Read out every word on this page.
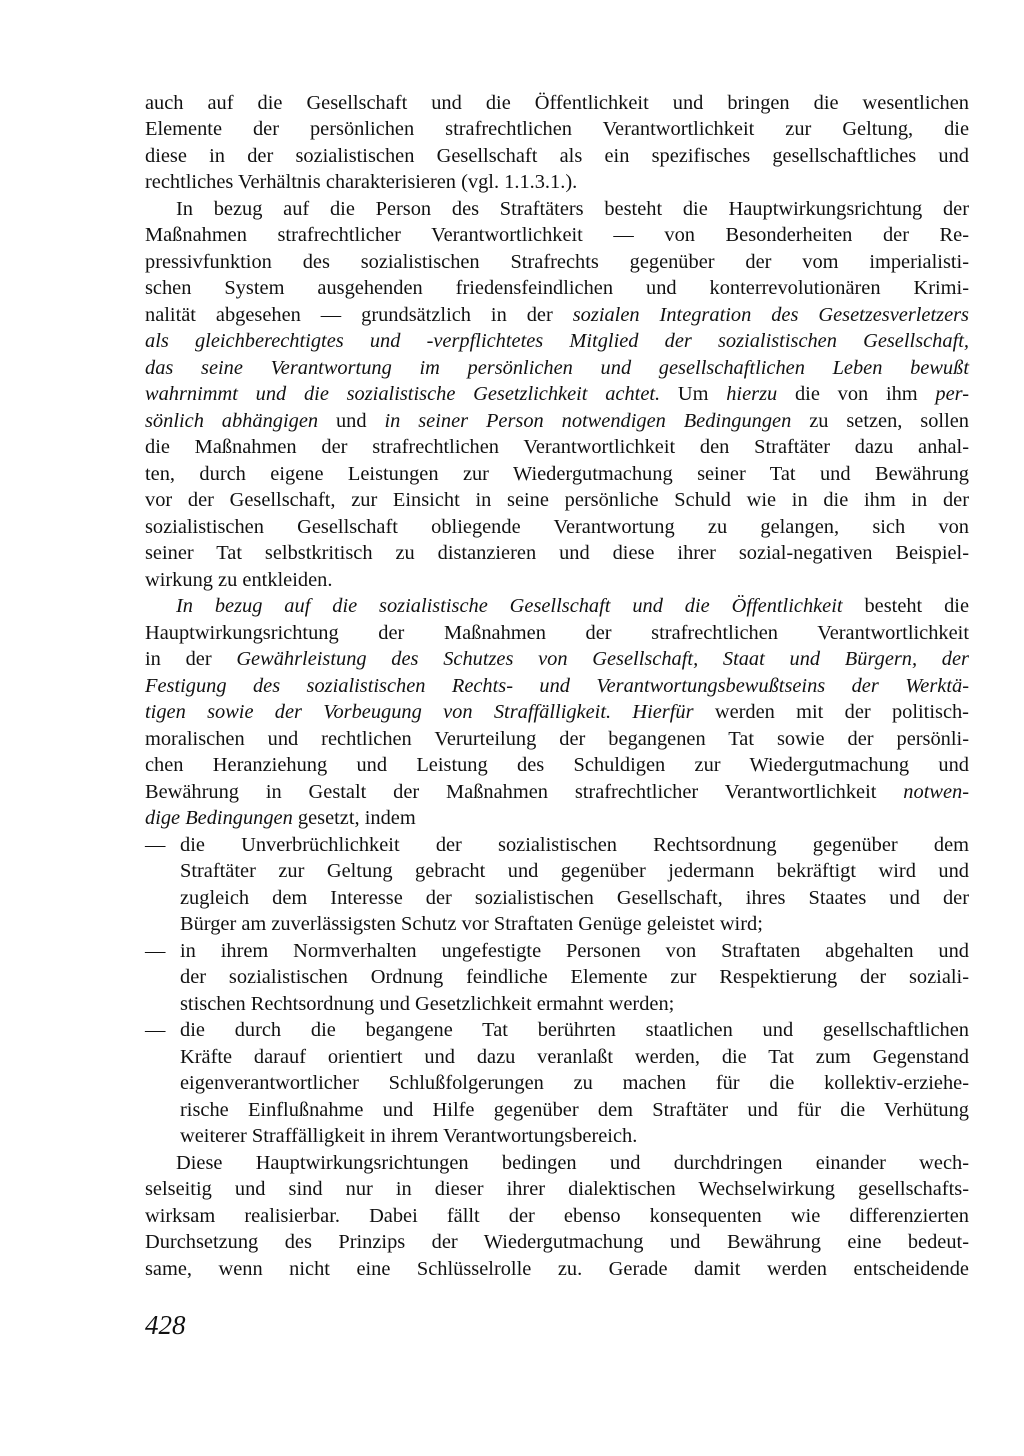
auch auf die Gesellschaft und die Öffentlichkeit und bringen die wesentlichen
Elemente der persönlichen strafrechtlichen Verantwortlichkeit zur Geltung, die
diese in der sozialistischen Gesellschaft als ein spezifisches gesellschaftliches und
rechtliches Verhältnis charakterisieren (vgl. 1.1.3.1.).
In bezug auf die Person des Straftäters besteht die Hauptwirkungsrichtung der
Maßnahmen strafrechtlicher Verantwortlichkeit — von Besonderheiten der Re-
pressivfunktion des sozialistischen Strafrechts gegenüber der vom imperialisti-
schen System ausgehenden friedensfeindlichen und konterrevolutionären Krimi-
nalität abgesehen — grundsätzlich in der sozialen Integration des Gesetzesverletzers
als gleichberechtigtes und -verpflichtetes Mitglied der sozialistischen Gesellschaft,
das seine Verantwortung im persönlichen und gesellschaftlichen Leben bewußt
wahrnimmt und die sozialistische Gesetzlichkeit achtet. Um hierzu die von ihm per-
sönlich abhängigen und in seiner Person notwendigen Bedingungen zu setzen, sollen
die Maßnahmen der strafrechtlichen Verantwortlichkeit den Straftäter dazu anhal-
ten, durch eigene Leistungen zur Wiedergutmachung seiner Tat und Bewährung
vor der Gesellschaft, zur Einsicht in seine persönliche Schuld wie in die ihm in der
sozialistischen Gesellschaft obliegende Verantwortung zu gelangen, sich von
seiner Tat selbstkritisch zu distanzieren und diese ihrer sozial-negativen Beispiel-
wirkung zu entkleiden.
In bezug auf die sozialistische Gesellschaft und die Öffentlichkeit besteht die
Hauptwirkungsrichtung der Maßnahmen der strafrechtlichen Verantwortlichkeit
in der Gewährleistung des Schutzes von Gesellschaft, Staat und Bürgern, der
Festigung des sozialistischen Rechts- und Verantwortungsbewußtseins der Werktä-
tigen sowie der Vorbeugung von Straffälligkeit. Hierfür werden mit der politisch-
moralischen und rechtlichen Verurteilung der begangenen Tat sowie der persönli-
chen Heranziehung und Leistung des Schuldigen zur Wiedergutmachung und
Bewährung in Gestalt der Maßnahmen strafrechtlicher Verantwortlichkeit notwen-
dige Bedingungen gesetzt, indem
— die Unverbrüchlichkeit der sozialistischen Rechtsordnung gegenüber dem
Straftäter zur Geltung gebracht und gegenüber jedermann bekräftigt wird und
zugleich dem Interesse der sozialistischen Gesellschaft, ihres Staates und der
Bürger am zuverlässigsten Schutz vor Straftaten Genüge geleistet wird;
— in ihrem Normverhalten ungefestigte Personen von Straftaten abgehalten und
der sozialistischen Ordnung feindliche Elemente zur Respektierung der soziali-
stischen Rechtsordnung und Gesetzlichkeit ermahnt werden;
— die durch die begangene Tat berührten staatlichen und gesellschaftlichen
Kräfte darauf orientiert und dazu veranlaßt werden, die Tat zum Gegenstand
eigenverantwortlicher Schlußfolgerungen zu machen für die kollektiv-erziehe-
rische Einflußnahme und Hilfe gegenüber dem Straftäter und für die Verhütung
weiterer Straffälligkeit in ihrem Verantwortungsbereich.
Diese Hauptwirkungsrichtungen bedingen und durchdringen einander wech-
selseitig und sind nur in dieser ihrer dialektischen Wechselwirkung gesellschafts-
wirksam realisierbar. Dabei fällt der ebenso konsequenten wie differenzierten
Durchsetzung des Prinzips der Wiedergutmachung und Bewährung eine bedeut-
same, wenn nicht eine Schlüsselrolle zu. Gerade damit werden entscheidende
428
